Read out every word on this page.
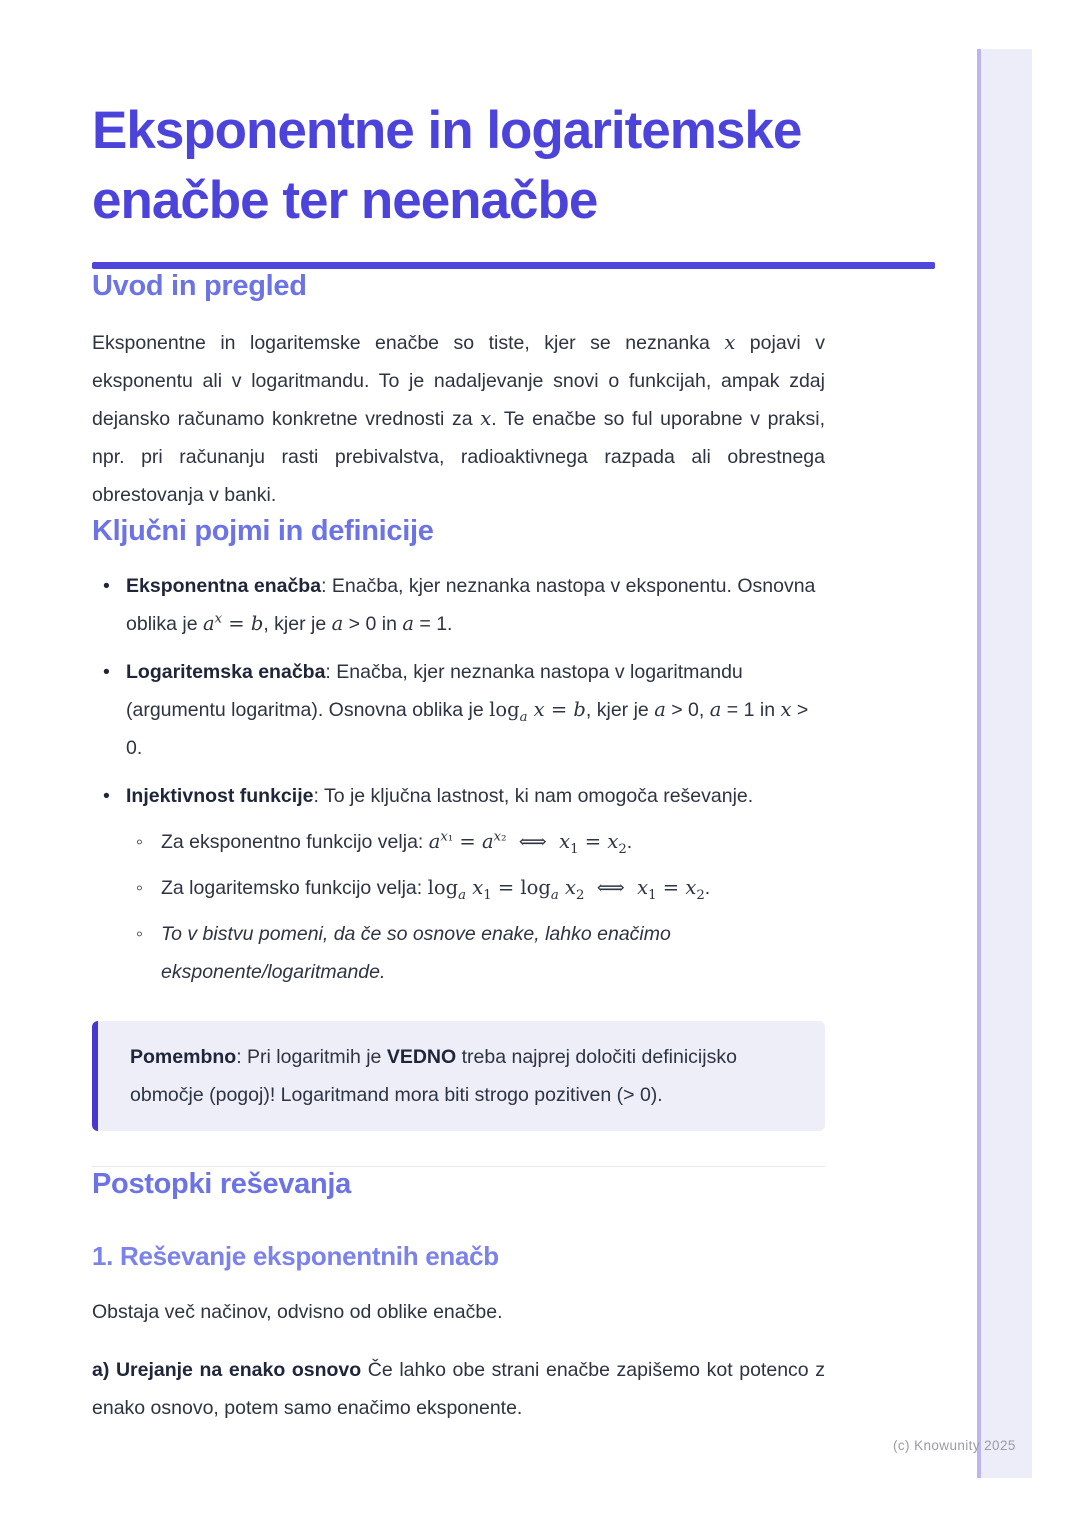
Eksponentne in logaritemske enačbe ter neenačbe
Uvod in pregled

Eksponentne in logaritemske enačbe so tiste, kjer se neznanka x pojavi v eksponentu ali v logaritmandu. To je nadaljevanje snovi o funkcijah, ampak zdaj dejansko računamo konkretne vrednosti za x. Te enačbe so ful uporabne v praksi, npr. pri računanju rasti prebivalstva, radioaktivnega razpada ali obrestnega obrestovanja v banki.

Ključni pojmi in definicije
• Eksponentna enačba: Enačba, kjer neznanka nastopa v eksponentu. Osnovna oblika je $a^x = b$, kjer je a > 0 in a = 1.
• Logaritemska enačba: Enačba, kjer neznanka nastopa v logaritmandu (argumentu logaritma). Osnovna oblika je $\log_a x = b$, kjer je a > 0, a = 1 in x > 0.
• Injektivnost funkcije: To je ključna lastnost, ki nam omogoča reševanje.
◦ Za eksponentno funkcijo velja: $a^{x_1} = a^{x_2}$  ⟺  $x_1 = x_2$.
◦ Za logaritemsko funkcijo velja: $\log_a x_1 = \log_a x_2$  ⟺  $x_1 = x_2$.
◦ To v bistvu pomeni, da če so osnove enake, lahko enačimo eksponente/logaritmande.

Pomembno: Pri logaritmih je VEDNO treba najprej določiti definicijsko območje (pogoj)! Logaritmand mora biti strogo pozitiven (> 0).

Postopki reševanja
1. Reševanje eksponentnih enačb

Obstaja več načinov, odvisno od oblike enačbe.

a) Urejanje na enako osnovo Če lahko obe strani enačbe zapišemo kot potenco z enako osnovo, potem samo enačimo eksponente.

(c) Knowunity 2025
